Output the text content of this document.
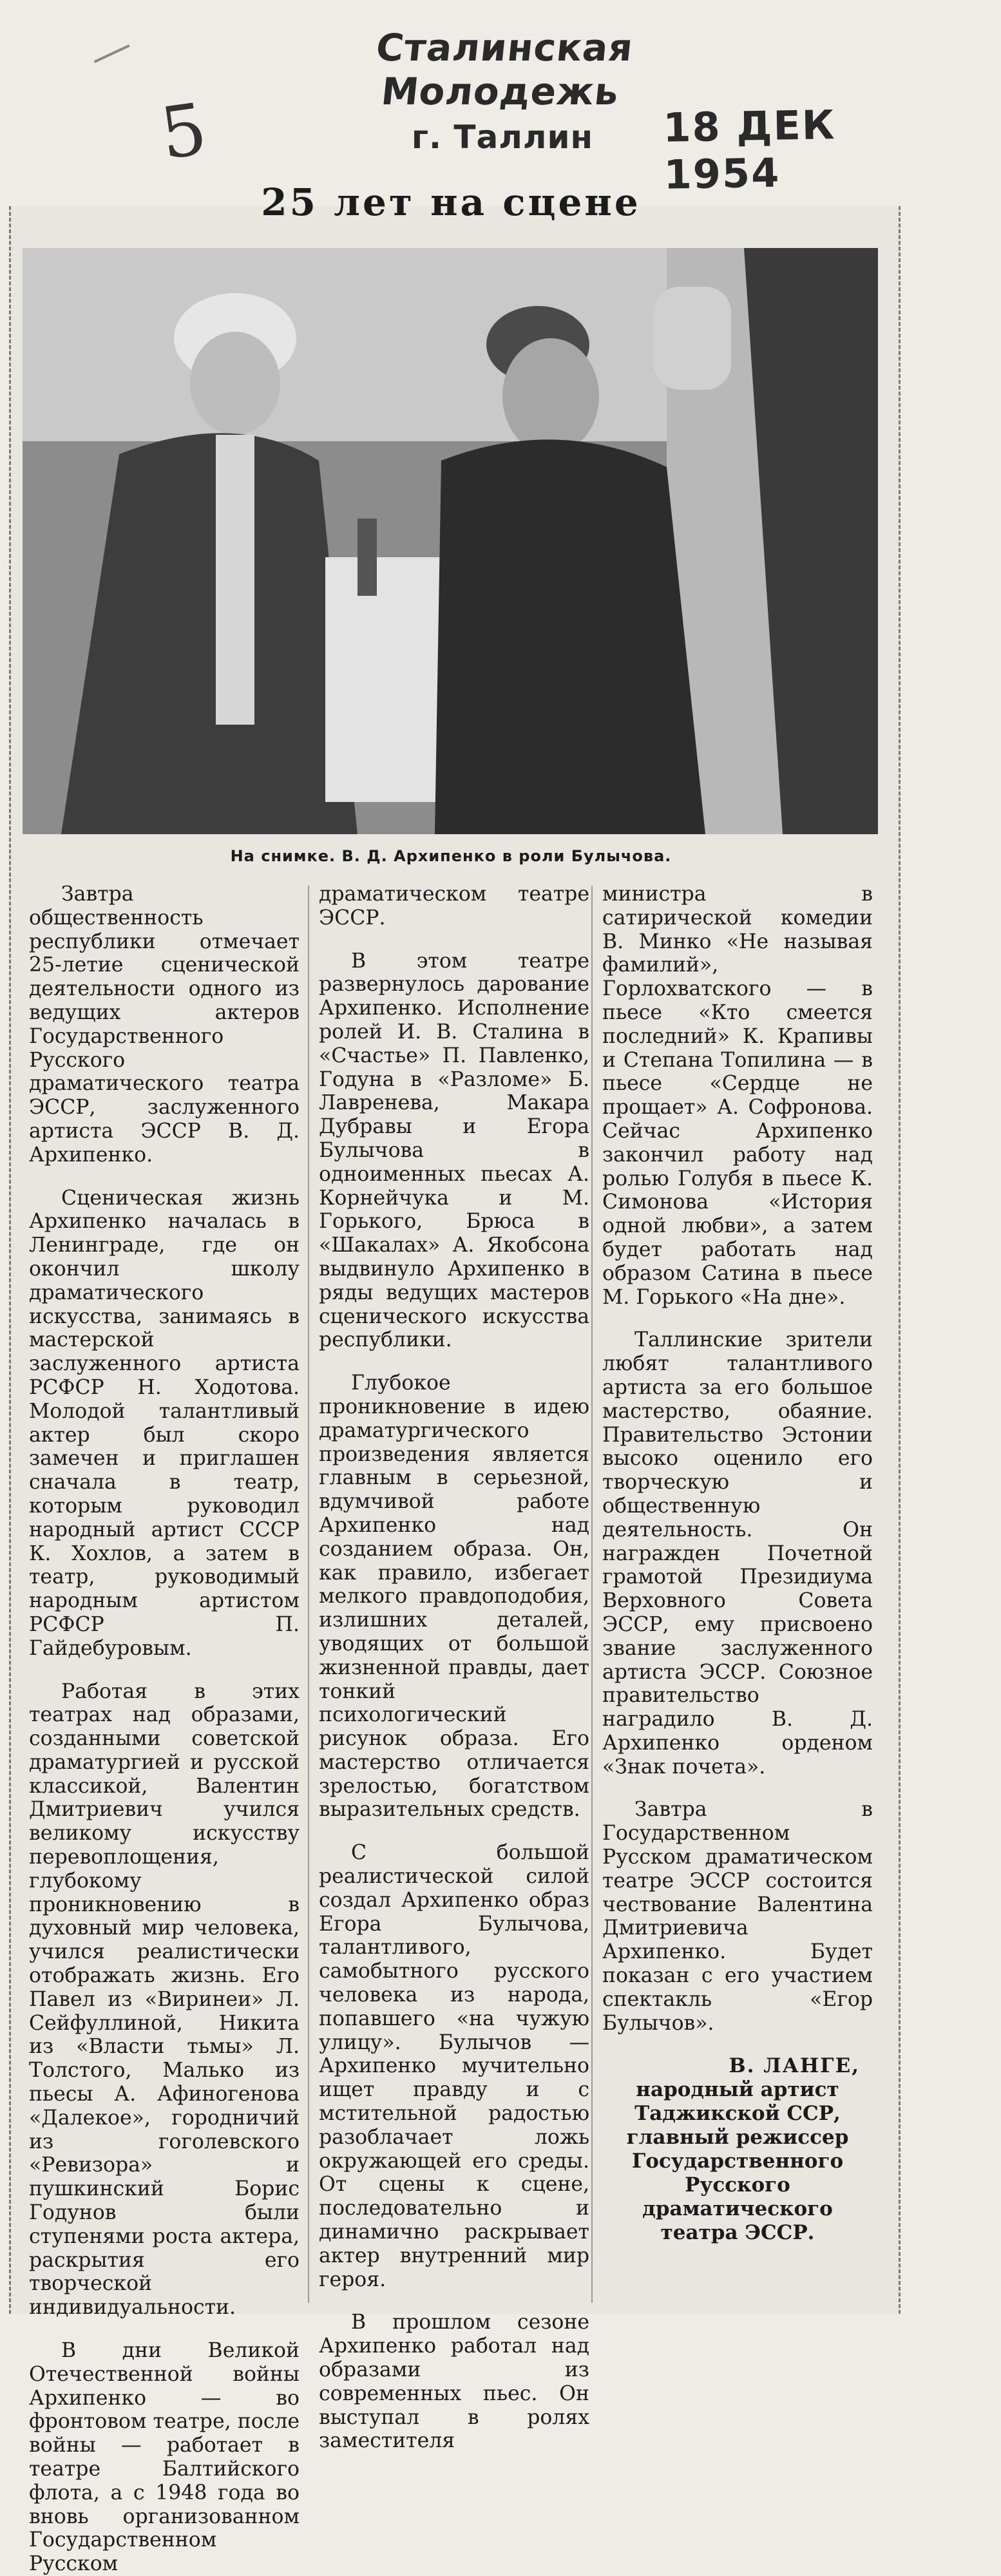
5
Сталинская Молодежь
г. Таллин	18 ДЕК 1954
25 лет на сцене
На снимке. В. Д. Архипенко в роли Булычова.

Завтра общественность республики отмечает 25-летие сценической деятельности одного из ведущих актеров Государственного Русского драматического театра ЭССР, заслуженного артиста ЭССР В. Д. Архипенко.

Сценическая жизнь Архипенко началась в Ленинграде, где он окончил школу драматического искусства, занимаясь в мастерской заслуженного артиста РСФСР Н. Ходотова. Молодой талантливый актер был скоро замечен и приглашен сначала в театр, которым руководил народный артист СССР К. Хохлов, а затем в театр, руководимый народным артистом РСФСР П. Гайдебуровым.

Работая в этих театрах над образами, созданными советской драматургией и русской классикой, Валентин Дмитриевич учился великому искусству перевоплощения, глубокому проникновению в духовный мир человека, учился реалистически отображать жизнь. Его Павел из «Виринеи» Л. Сейфуллиной, Никита из «Власти тьмы» Л. Толстого, Малько из пьесы А. Афиногенова «Далекое», городничий из гоголевского «Ревизора» и пушкинский Борис Годунов были ступенями роста актера, раскрытия его творческой индивидуальности.

В дни Великой Отечественной войны Архипенко — во фронтовом театре, после войны — работает в театре Балтийского флота, а с 1948 года во вновь организованном Государственном Русском

драматическом театре ЭССР.

В этом театре развернулось дарование Архипенко. Исполнение ролей И. В. Сталина в «Счастье» П. Павленко, Годуна в «Разломе» Б. Лавренева, Макара Дубравы и Егора Булычова в одноименных пьесах А. Корнейчука и М. Горького, Брюса в «Шакалах» А. Якобсона выдвинуло Архипенко в ряды ведущих мастеров сценического искусства республики.

Глубокое проникновение в идею драматургического произведения является главным в серьезной, вдумчивой работе Архипенко над созданием образа. Он, как правило, избегает мелкого правдоподобия, излишних деталей, уводящих от большой жизненной правды, дает тонкий психологический рисунок образа. Его мастерство отличается зрелостью, богатством выразительных средств.

С большой реалистической силой создал Архипенко образ Егора Булычова, талантливого, самобытного русского человека из народа, попавшего «на чужую улицу». Булычов — Архипенко мучительно ищет правду и с мстительной радостью разоблачает ложь окружающей его среды. От сцены к сцене, последовательно и динамично раскрывает актер внутренний мир героя.

В прошлом сезоне Архипенко работал над образами из современных пьес. Он выступал в ролях заместителя

министра в сатирической комедии В. Минко «Не называя фамилий», Горлохватского — в пьесе «Кто смеется последний» К. Крапивы и Степана Топилина — в пьесе «Сердце не прощает» А. Софронова. Сейчас Архипенко закончил работу над ролью Голубя в пьесе К. Симонова «История одной любви», а затем будет работать над образом Сатина в пьесе М. Горького «На дне».

Таллинские зрители любят талантливого артиста за его большое мастерство, обаяние. Правительство Эстонии высоко оценило его творческую и общественную деятельность. Он награжден Почетной грамотой Президиума Верховного Совета ЭССР, ему присвоено звание заслуженного артиста ЭССР. Союзное правительство наградило В. Д. Архипенко орденом «Знак почета».

Завтра в Государственном Русском драматическом театре ЭССР состоится чествование Валентина Дмитриевича Архипенко. Будет показан с его участием спектакль «Егор Булычов».

В. ЛАНГЕ,
народный артист Таджикской ССР, главный режиссер Государственного Русского драматического театра ЭССР.
